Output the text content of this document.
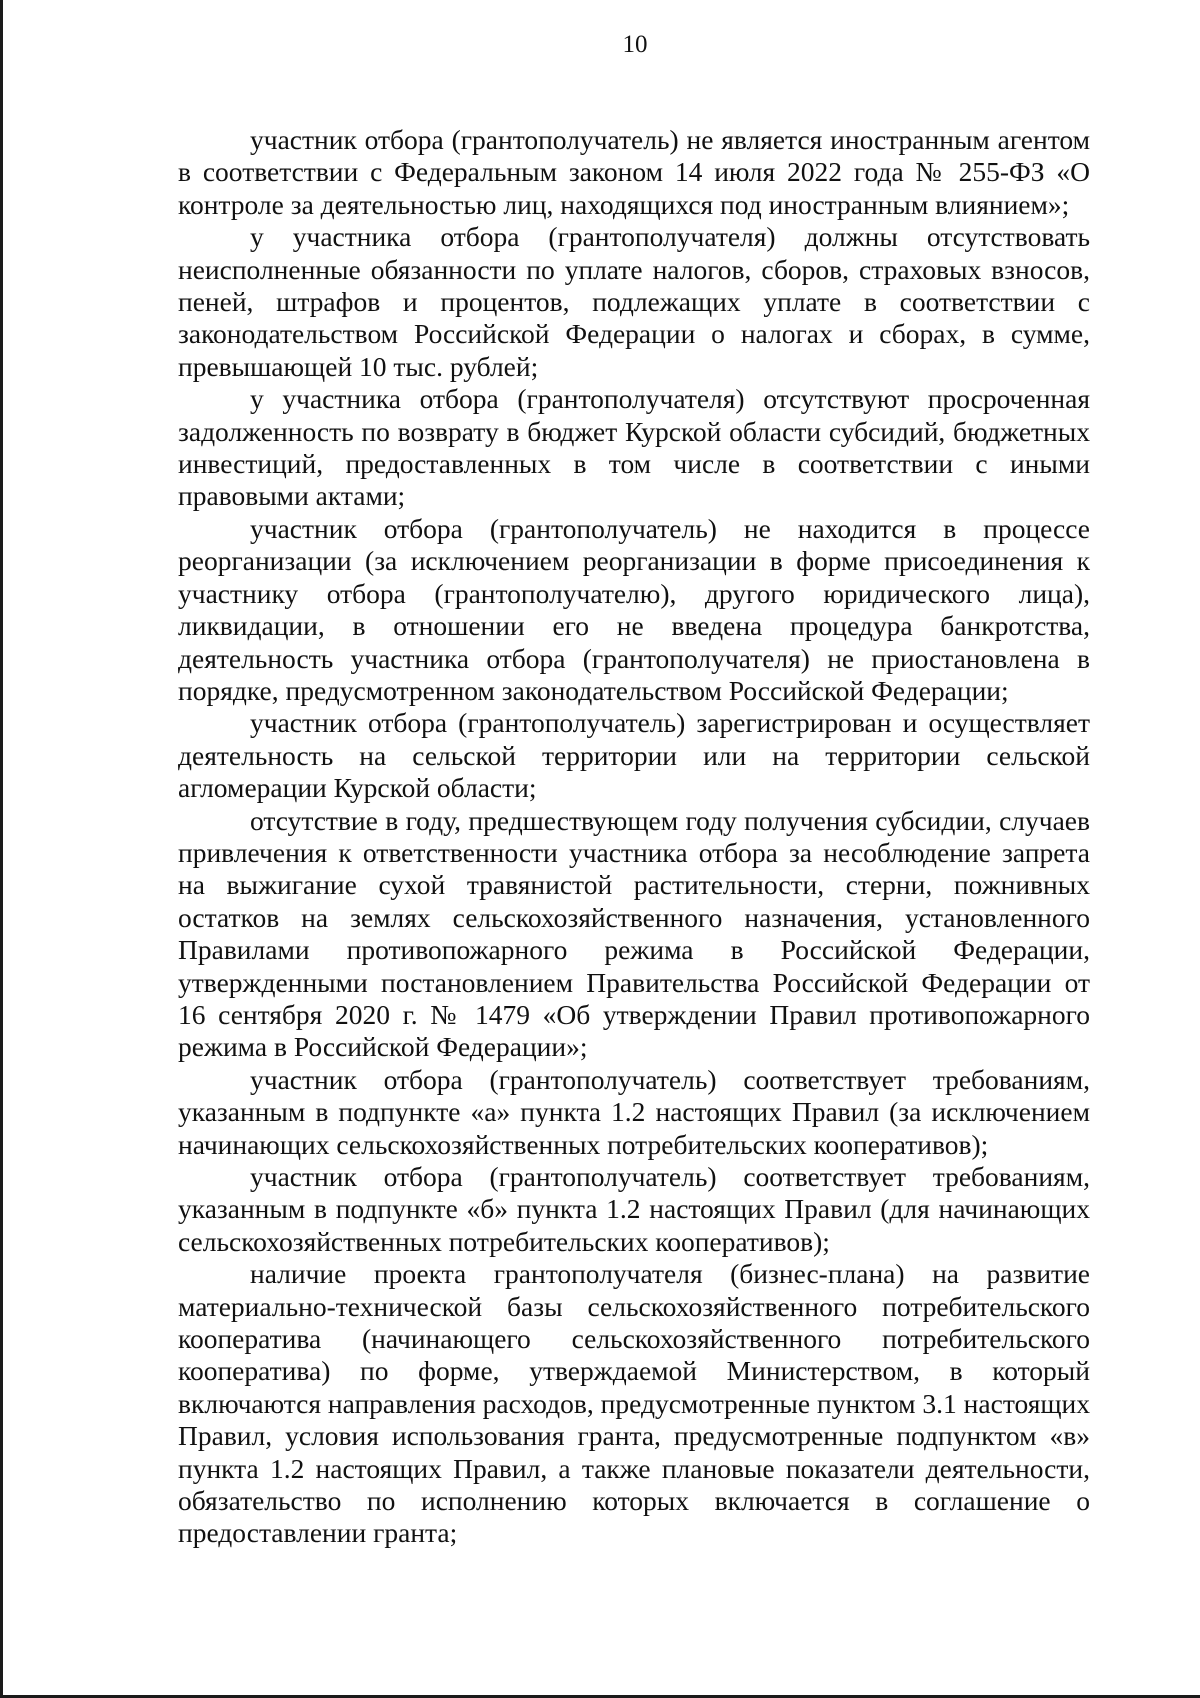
10

участник отбора (грантополучатель) не является иностранным агентом в соответствии с Федеральным законом 14 июля 2022 года № 255-ФЗ «О контроле за деятельностью лиц, находящихся под иностранным влиянием»;

у участника отбора (грантополучателя) должны отсутствовать неисполненные обязанности по уплате налогов, сборов, страховых взносов, пеней, штрафов и процентов, подлежащих уплате в соответствии с законодательством Российской Федерации о налогах и сборах, в сумме, превышающей 10 тыс. рублей;

у участника отбора (грантополучателя) отсутствуют просроченная задолженность по возврату в бюджет Курской области субсидий, бюджетных инвестиций, предоставленных в том числе в соответствии с иными правовыми актами;

участник отбора (грантополучатель) не находится в процессе реорганизации (за исключением реорганизации в форме присоединения к участнику отбора (грантополучателю), другого юридического лица), ликвидации, в отношении его не введена процедура банкротства, деятельность участника отбора (грантополучателя) не приостановлена в порядке, предусмотренном законодательством Российской Федерации;

участник отбора (грантополучатель) зарегистрирован и осуществляет деятельность на сельской территории или на территории сельской агломерации Курской области;

отсутствие в году, предшествующем году получения субсидии, случаев привлечения к ответственности участника отбора за несоблюдение запрета на выжигание сухой травянистой растительности, стерни, пожнивных остатков на землях сельскохозяйственного назначения, установленного Правилами противопожарного режима в Российской Федерации, утвержденными постановлением Правительства Российской Федерации от 16 сентября 2020 г. № 1479 «Об утверждении Правил противопожарного режима в Российской Федерации»;

участник отбора (грантополучатель) соответствует требованиям, указанным в подпункте «а» пункта 1.2 настоящих Правил (за исключением начинающих сельскохозяйственных потребительских кооперативов);

участник отбора (грантополучатель) соответствует требованиям, указанным в подпункте «б» пункта 1.2 настоящих Правил (для начинающих сельскохозяйственных потребительских кооперативов);

наличие проекта грантополучателя (бизнес-плана) на развитие материально-технической базы сельскохозяйственного потребительского кооператива (начинающего сельскохозяйственного потребительского кооператива) по форме, утверждаемой Министерством, в который включаются направления расходов, предусмотренные пунктом 3.1 настоящих Правил, условия использования гранта, предусмотренные подпунктом «в» пункта 1.2 настоящих Правил, а также плановые показатели деятельности, обязательство по исполнению которых включается в соглашение о предоставлении гранта;
